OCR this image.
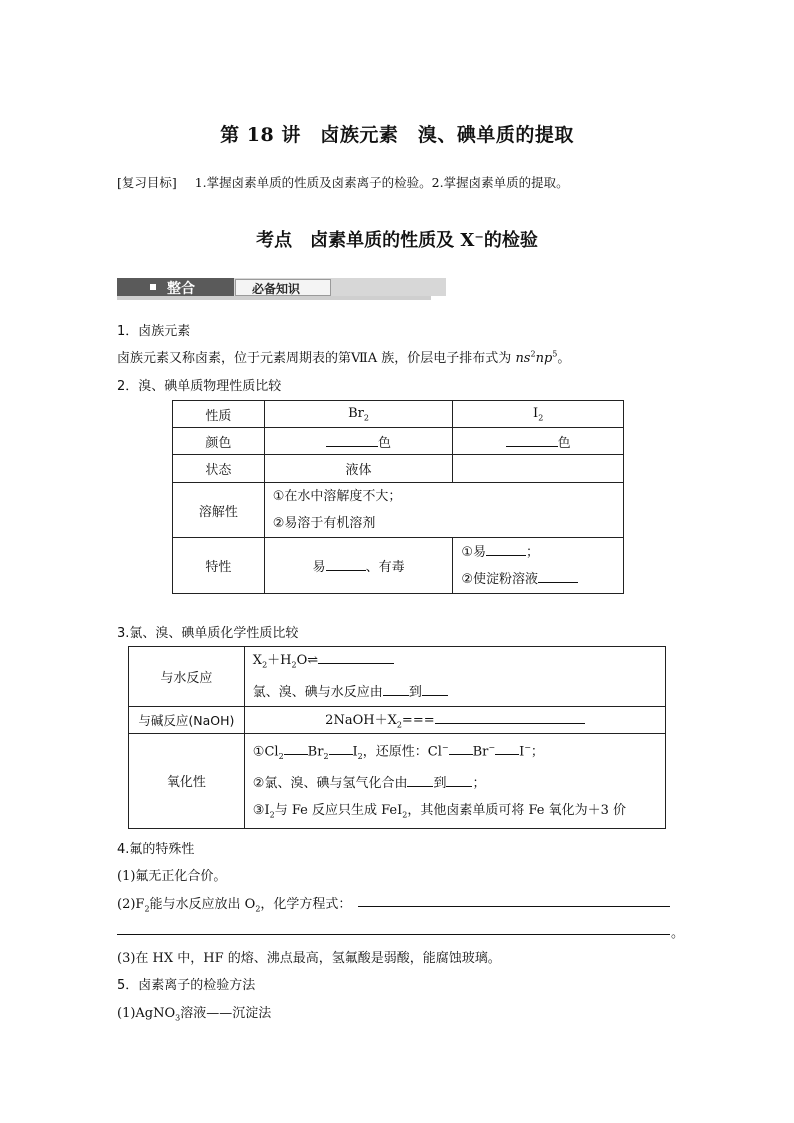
第 18 讲　卤族元素　溴、碘单质的提取
[复习目标] 1.掌握卤素单质的性质及卤素离子的检验。2.掌握卤素单质的提取。
考点　卤素单质的性质及 X⁻的检验
整合	必备知识
1．卤族元素
卤族元素又称卤素，位于元素周期表的第ⅦA 族，价层电子排布式为 $ns^2np^5$。
2．溴、碘单质物理性质比较
性质	$Br_2$	$I_2$
颜色	色	色
状态	液体	
溶解性	①在水中溶解度不大；
②易溶于有机溶剂	

特性	易 、有毒	①易 ；
②使淀粉溶液
3.氯、溴、碘单质化学性质比较
与水反应	$X_2+H_2O\rightleftharpoons$
氯、溴、碘与水反应由 到

与碱反应(NaOH)	$2NaOH+X_2===$
氧化性	$①Cl_2$ $Br_2$ $I_2$，还原性：Cl− Br− I−；
②氯、溴、碘与氢气化合由 到 ；
$③I_2$与 Fe 反应只生成 FeI$_2$，其他卤素单质可将 Fe 氧化为＋3 价
4.氟的特殊性
(1)氟无正化合价。
$(2)F_2$能与水反应放出 $O_2$，化学方程式：
。
(3)在 HX 中，HF 的熔、沸点最高，氢氟酸是弱酸，能腐蚀玻璃。
5．卤素离子的检验方法
(1)AgNO$_3$溶液——沉淀法
